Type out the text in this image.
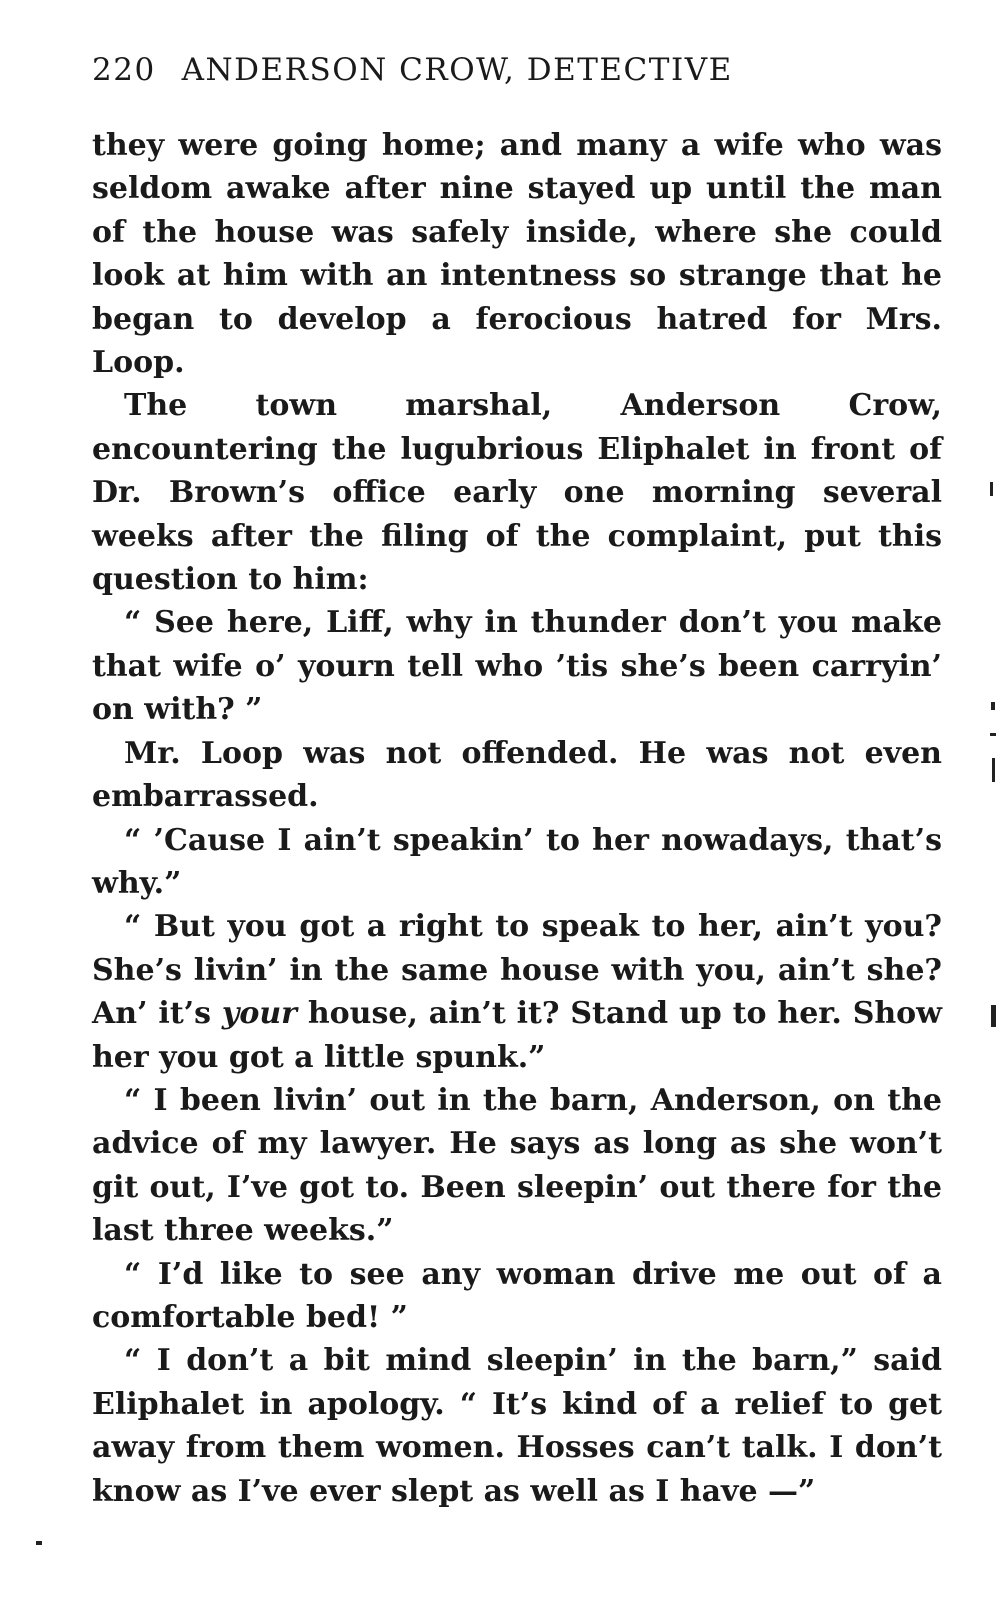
220 ANDERSON CROW, DETECTIVE

they were going home; and many a wife who was seldom awake after nine stayed up until the man of the house was safely inside, where she could look at him with an intentness so strange that he began to develop a ferocious hatred for Mrs. Loop.

The town marshal, Anderson Crow, encountering the lugubrious Eliphalet in front of Dr. Brown’s office early one morning several weeks after the filing of the complaint, put this question to him:

“ See here, Liff, why in thunder don’t you make that wife o’ yourn tell who ’tis she’s been carryin’ on with? ”

Mr. Loop was not offended. He was not even embarrassed.

“ ’Cause I ain’t speakin’ to her nowadays, that’s why.”

“ But you got a right to speak to her, ain’t you? She’s livin’ in the same house with you, ain’t she? An’ it’s your house, ain’t it? Stand up to her. Show her you got a little spunk.”

“ I been livin’ out in the barn, Anderson, on the advice of my lawyer. He says as long as she won’t git out, I’ve got to. Been sleepin’ out there for the last three weeks.”

“ I’d like to see any woman drive me out of a comfortable bed! ”

“ I don’t a bit mind sleepin’ in the barn,” said Eliphalet in apology. “ It’s kind of a relief to get away from them women. Hosses can’t talk. I don’t know as I’ve ever slept as well as I have —”
